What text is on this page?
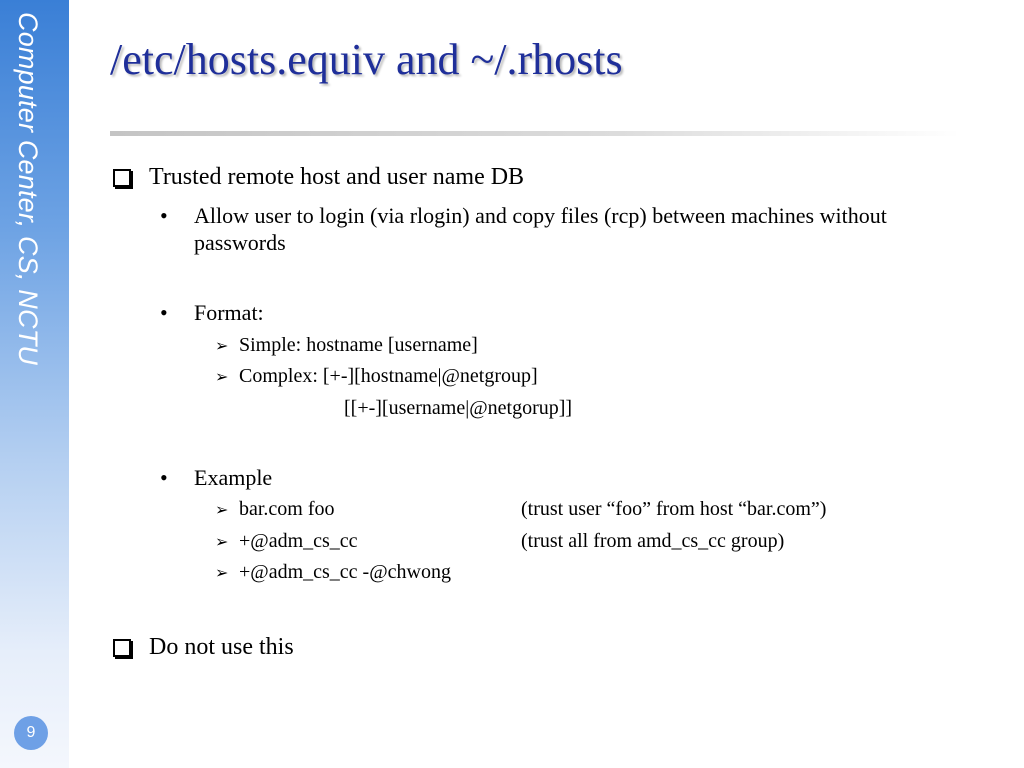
Computer Center, CS, NCTU
9
/etc/hosts.equiv and ~/.rhosts
Trusted remote host and user name DB
• Allow user to login (via rlogin) and copy files (rcp) between machines without passwords
• Format:
➢ Simple: hostname [username]
➢ Complex: [+-][hostname|@netgroup]
[[+-][username|@netgorup]]
• Example
➢ bar.com foo	(trust user “foo” from host “bar.com”)
➢ +@adm_cs_cc	(trust all from amd_cs_cc group)
➢ +@adm_cs_cc -@chwong
Do not use this
